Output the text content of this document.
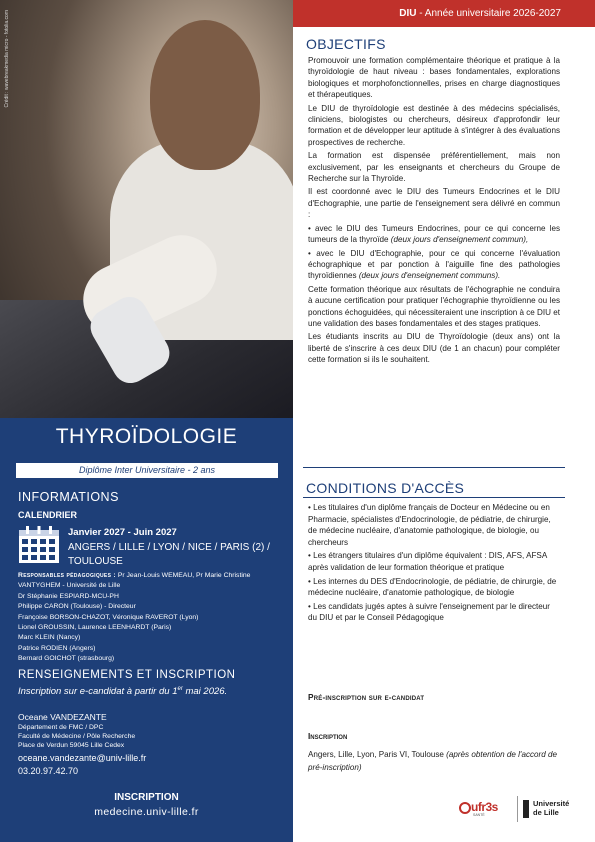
Crédit : wavebreakmedia micro - fotolia.com
THYROÏDOLOGIE
Diplôme Inter Universitaire - 2 ans
INFORMATIONS
CALENDRIER
Janvier 2027 - Juin 2027
ANGERS / LILLE / LYON / NICE / PARIS (2) / TOULOUSE
Responsables pédagogiques : Pr Jean-Louis WEMEAU, Pr Marie Christine VANTYGHEM - Université de Lille
Dr Stéphanie ESPIARD-MCU-PH
Philippe CARON (Toulouse) - Directeur
Françoise BORSON-CHAZOT, Véronique RAVEROT (Lyon)
Lionel GROUSSIN, Laurence LEENHARDT (Paris)
Marc KLEIN (Nancy)
Patrice RODIEN (Angers)
Bernard GOICHOT (strasbourg)
RENSEIGNEMENTS ET INSCRIPTION
Inscription sur e-candidat à partir du 1er mai 2026.
Oceane VANDEZANTE
Département de FMC / DPC
Faculté de Médecine / Pôle Recherche
Place de Verdun 59045 Lille Cedex
oceane.vandezante@univ-lille.fr
03.20.97.42.70
INSCRIPTION
medecine.univ-lille.fr
DIU - Année universitaire 2026-2027
OBJECTIFS

Promouvoir une formation complémentaire théorique et pratique à la thyroïdologie de haut niveau : bases fondamentales, explorations biologiques et morphofonctionnelles, prises en charge diagnostiques et thérapeutiques.

Le DIU de thyroïdologie est destinée à des médecins spécialisés, cliniciens, biologistes ou chercheurs, désireux d'approfondir leur formation et de développer leur aptitude à s'intégrer à des évaluations prospectives de recherche.

La formation est dispensée préférentiellement, mais non exclusivement, par les enseignants et chercheurs du Groupe de Recherche sur la Thyroïde.

Il est coordonné avec le DIU des Tumeurs Endocrines et le DIU d'Echographie, une partie de l'enseignement sera délivré en commun :

• avec le DIU des Tumeurs Endocrines, pour ce qui concerne les tumeurs de la thyroïde (deux jours d'enseignement commun),

• avec le DIU d'Echographie, pour ce qui concerne l'évaluation échographique et par ponction à l'aiguille fine des pathologies thyroïdiennes (deux jours d'enseignement communs).

Cette formation théorique aux résultats de l'échographie ne conduira à aucune certification pour pratiquer l'échographie thyroïdienne ou les ponctions échoguidées, qui nécessiteraient une inscription à ce DIU et une validation des bases fondamentales et des stages pratiques.

Les étudiants inscrits au DIU de Thyroïdologie (deux ans) ont la liberté de s'inscrire à ces deux DIU (de 1 an chacun) pour compléter cette formation si ils le souhaitent.

CONDITIONS D'ACCÈS

• Les titulaires d'un diplôme français de Docteur en Médecine ou en Pharmacie, spécialistes d'Endocrinologie, de pédiatrie, de chirurgie, de médecine nucléaire, d'anatomie pathologique, de biologie, ou chercheurs

• Les étrangers titulaires d'un diplôme équivalent : DIS, AFS, AFSA après validation de leur formation théorique et pratique

• Les internes du DES d'Endocrinologie, de pédiatrie, de chirurgie, de médecine nucléaire, d'anatomie pathologique, de biologie

• Les candidats jugés aptes à suivre l'enseignement par le directeur du DIU et par le Conseil Pédagogique

Pré-inscription sur e-candidat
Inscription
Angers, Lille, Lyon, Paris VI, Toulouse (après obtention de l'accord de pré-inscription)
ufr3s
SANTÉ
Université de Lille
